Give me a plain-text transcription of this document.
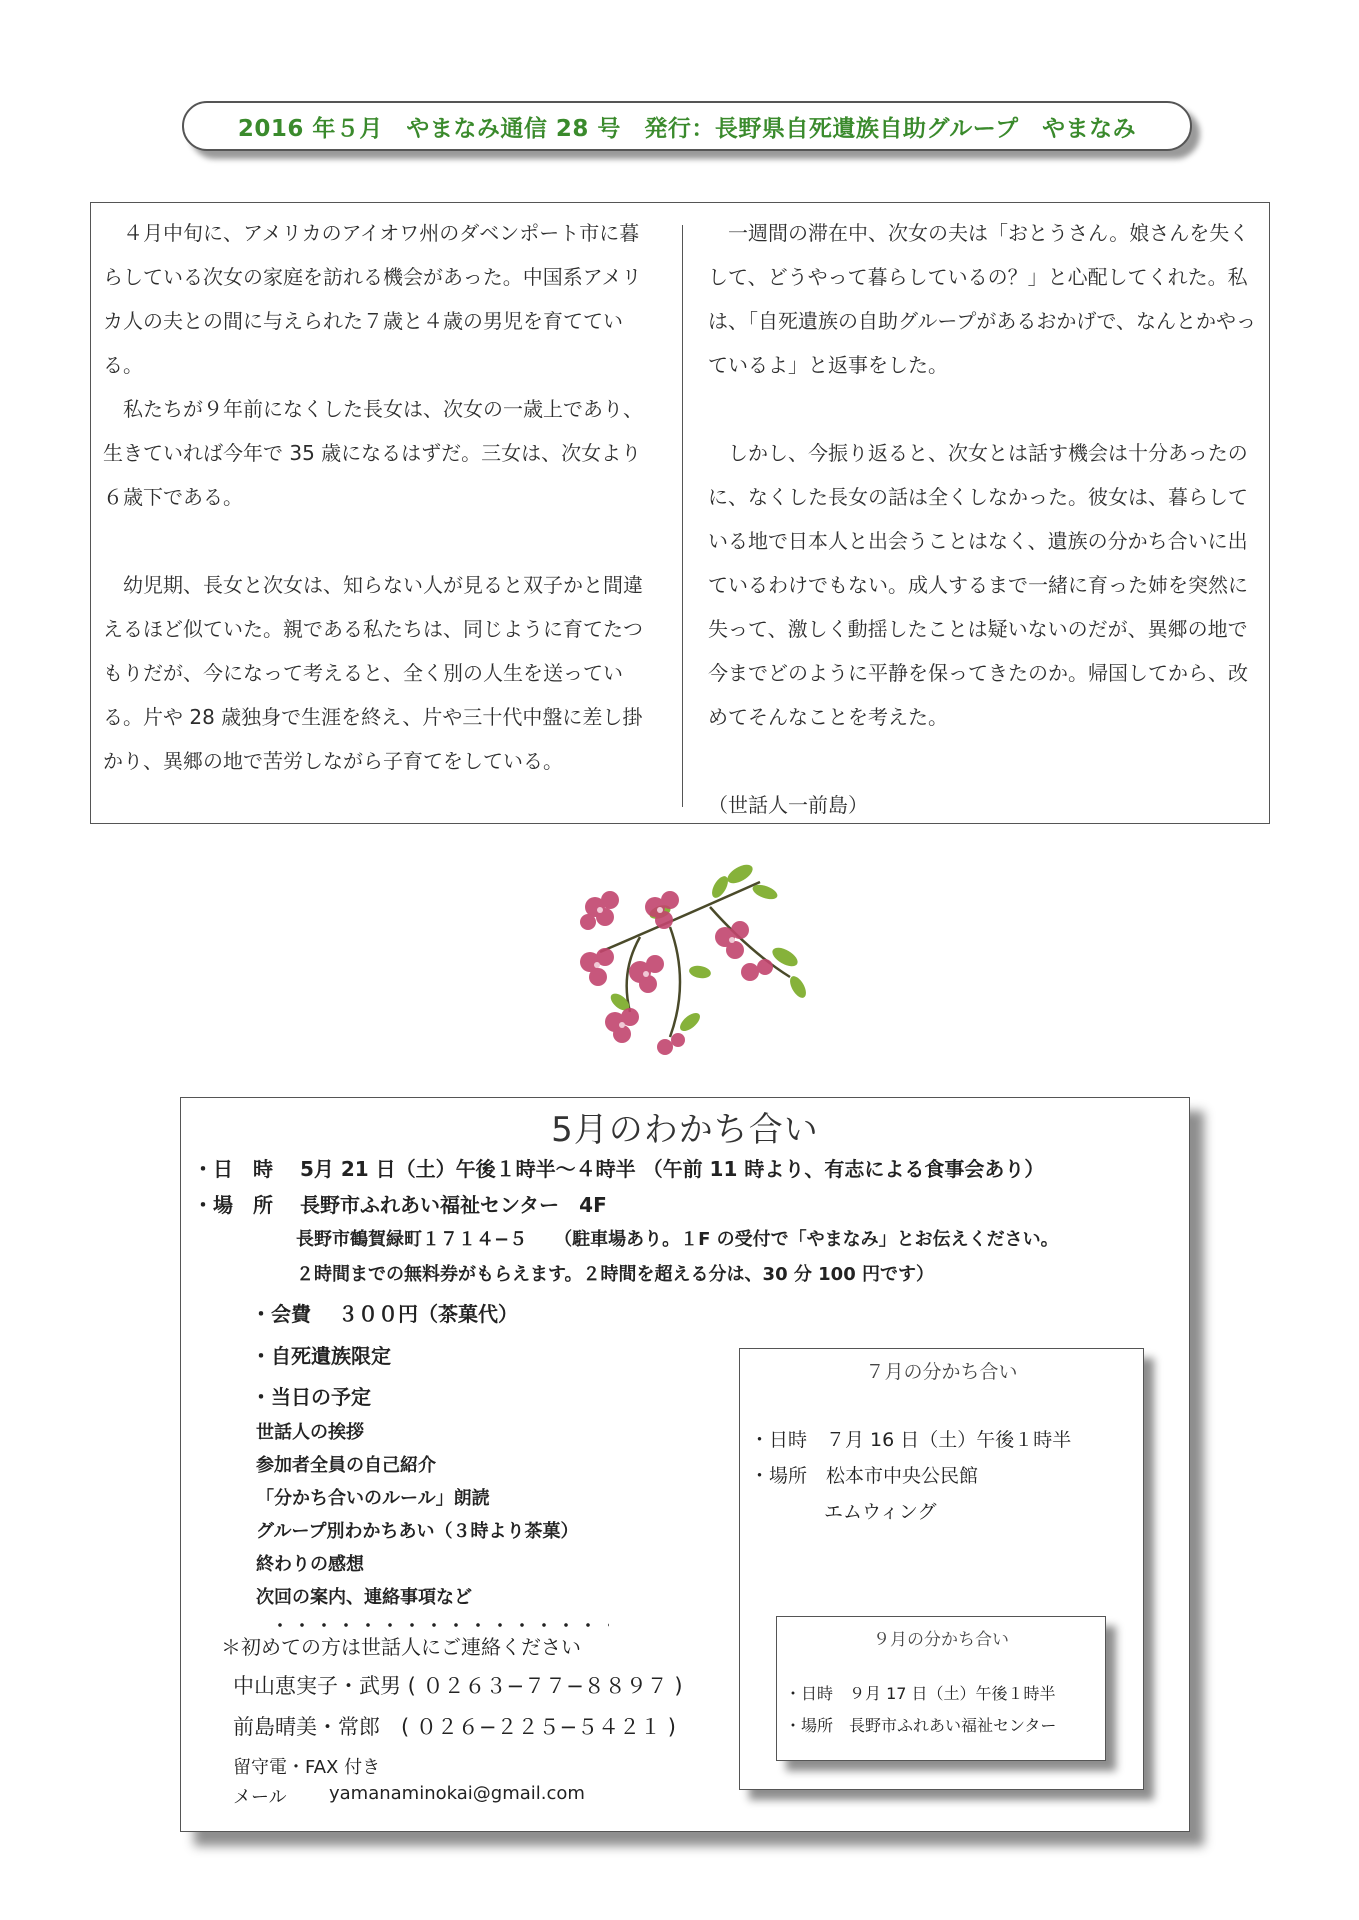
2016 年５月　やまなみ通信 28 号　発行：長野県自死遺族自助グループ　やまなみ

４月中旬に、アメリカのアイオワ州のダベンポート市に暮らしている次女の家庭を訪れる機会があった。中国系アメリカ人の夫との間に与えられた７歳と４歳の男児を育てている。

私たちが９年前になくした長女は、次女の一歳上であり、生きていれば今年で 35 歳になるはずだ。三女は、次女より６歳下である。

幼児期、長女と次女は、知らない人が見ると双子かと間違えるほど似ていた。親である私たちは、同じように育てたつもりだが、今になって考えると、全く別の人生を送っている。片や 28 歳独身で生涯を終え、片や三十代中盤に差し掛かり、異郷の地で苦労しながら子育てをしている。

一週間の滞在中、次女の夫は「おとうさん。娘さんを失くして、どうやって暮らしているの？」と心配してくれた。私は、「自死遺族の自助グループがあるおかげで、なんとかやっているよ」と返事をした。

しかし、今振り返ると、次女とは話す機会は十分あったのに、なくした長女の話は全くしなかった。彼女は、暮らしている地で日本人と出会うことはなく、遺族の分かち合いに出ているわけでもない。成人するまで一緒に育った姉を突然に失って、激しく動揺したことは疑いないのだが、異郷の地で今までどのように平静を保ってきたのか。帰国してから、改めてそんなことを考えた。

（世話人一前島）

5月のわかち合い
・日　時　 5月 21 日（土）午後１時半～４時半 （午前 11 時より、有志による食事会あり）
・場　所　 長野市ふれあい福祉センター　4F
長野市鶴賀緑町１７１４−５　　（駐車場あり。１F の受付で「やまなみ」とお伝えください。
２時間までの無料券がもらえます。２時間を超える分は、30 分 100 円です）
・会費　 ３００円（茶菓代）
・自死遺族限定
・当日の予定
世話人の挨拶
参加者全員の自己紹介
「分かち合いのルール」朗読
グループ別わかちあい（３時より茶菓）
終わりの感想
次回の案内、連絡事項など
＊初めての方は世話人にご連絡ください
中山恵実子・武男 ( ０２６３−７７−８８９７ )
前島晴美・常郎　( ０２６−２２５−５４２１ )
留守電・FAX 付き
メール yamanaminokai@gmail.com
７月の分かち合い
・日時　７月 16 日（土）午後１時半
・場所　松本市中央公民館
エムウィング
９月の分かち合い
・日時　９月 17 日（土）午後１時半
・場所　長野市ふれあい福祉センター
